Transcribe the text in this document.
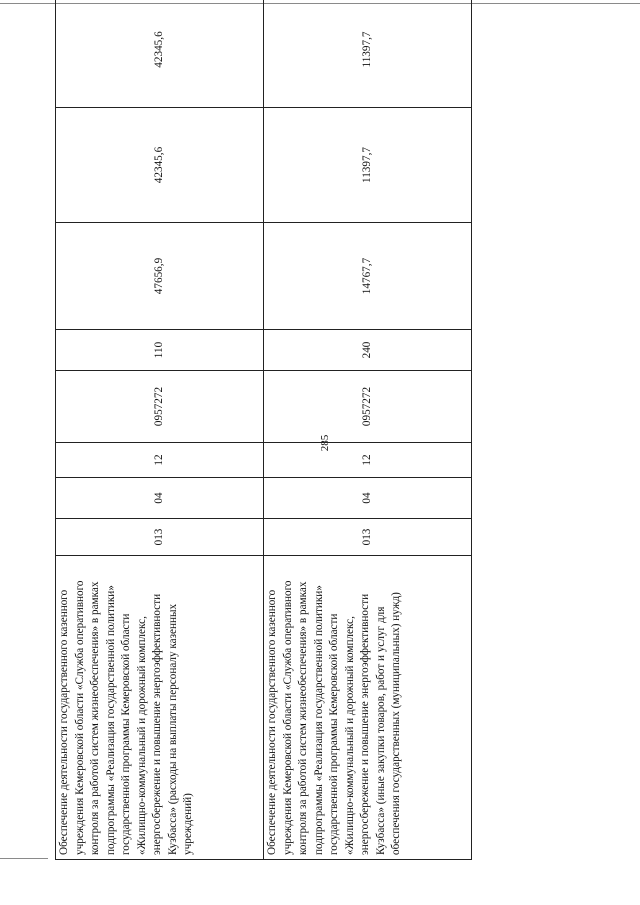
285
Обеспечение деятельности государственного казенного учреждения Кемеровской области «Служба оперативного контроля за работой систем жизнеобеспечения» в рамках подпрограммы «Реализация государственной политики» государственной программы Кемеровской области «Жилищно-коммунальный и дорожный комплекс, энергосбережение и повышение энергоэффективности Кузбасса» (расходы на выплаты персоналу казенных учреждений)	013	04	12	0957272	110	47656,9	42345,6	42345,6
Обеспечение деятельности государственного казенного учреждения Кемеровской области «Служба оперативного контроля за работой систем жизнеобеспечения» в рамках подпрограммы «Реализация государственной политики» государственной программы Кемеровской области «Жилищно-коммунальный и дорожный комплекс, энергосбережение и повышение энергоэффективности Кузбасса» (иные закупки товаров, работ и услуг для обеспечения государственных (муниципальных) нужд)	013	04	12	0957272	240	14767,7	11397,7	11397,7
